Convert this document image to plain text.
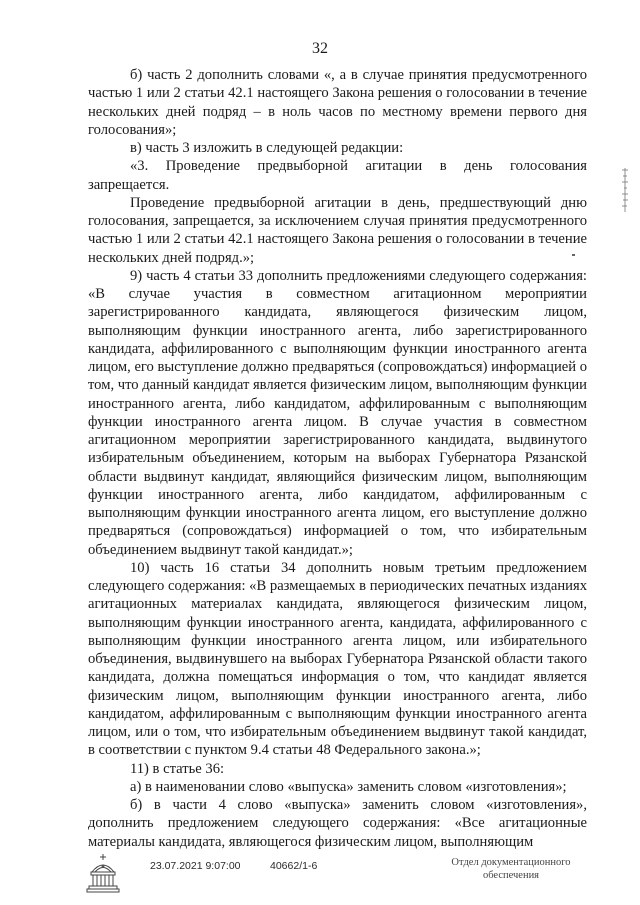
32

б) часть 2 дополнить словами «, а в случае принятия предусмотренного частью 1 или 2 статьи 42.1 настоящего Закона решения о голосовании в течение нескольких дней подряд – в ноль часов по местному времени первого дня голосования»;

в) часть 3 изложить в следующей редакции:

«3. Проведение предвыборной агитации в день голосования запрещается.

Проведение предвыборной агитации в день, предшествующий дню голосования, запрещается, за исключением случая принятия предусмотренного частью 1 или 2 статьи 42.1 настоящего Закона решения о голосовании в течение нескольких дней подряд.»;

9) часть 4 статьи 33 дополнить предложениями следующего содержания: «В случае участия в совместном агитационном мероприятии зарегистрированного кандидата, являющегося физическим лицом, выполняющим функции иностранного агента, либо зарегистрированного кандидата, аффилированного с выполняющим функции иностранного агента лицом, его выступление должно предваряться (сопровождаться) информацией о том, что данный кандидат является физическим лицом, выполняющим функции иностранного агента, либо кандидатом, аффилированным с выполняющим функции иностранного агента лицом. В случае участия в совместном агитационном мероприятии зарегистрированного кандидата, выдвинутого избирательным объединением, которым на выборах Губернатора Рязанской области выдвинут кандидат, являющийся физическим лицом, выполняющим функции иностранного агента, либо кандидатом, аффилированным с выполняющим функции иностранного агента лицом, его выступление должно предваряться (сопровождаться) информацией о том, что избирательным объединением выдвинут такой кандидат.»;

10) часть 16 статьи 34 дополнить новым третьим предложением следующего содержания: «В размещаемых в периодических печатных изданиях агитационных материалах кандидата, являющегося физическим лицом, выполняющим функции иностранного агента, кандидата, аффилированного с выполняющим функции иностранного агента лицом, или избирательного объединения, выдвинувшего на выборах Губернатора Рязанской области такого кандидата, должна помещаться информация о том, что кандидат является физическим лицом, выполняющим функции иностранного агента, либо кандидатом, аффилированным с выполняющим функции иностранного агента лицом, или о том, что избирательным объединением выдвинут такой кандидат, в соответствии с пунктом 9.4 статьи 48 Федерального закона.»;

11) в статье 36:

а) в наименовании слово «выпуска» заменить словом «изготовления»;

б) в части 4 слово «выпуска» заменить словом «изготовления», дополнить предложением следующего содержания: «Все агитационные материалы кандидата, являющегося физическим лицом, выполняющим

23.07.2021 9:07:00	40662/1-6	Отдел документационного обеспечения
